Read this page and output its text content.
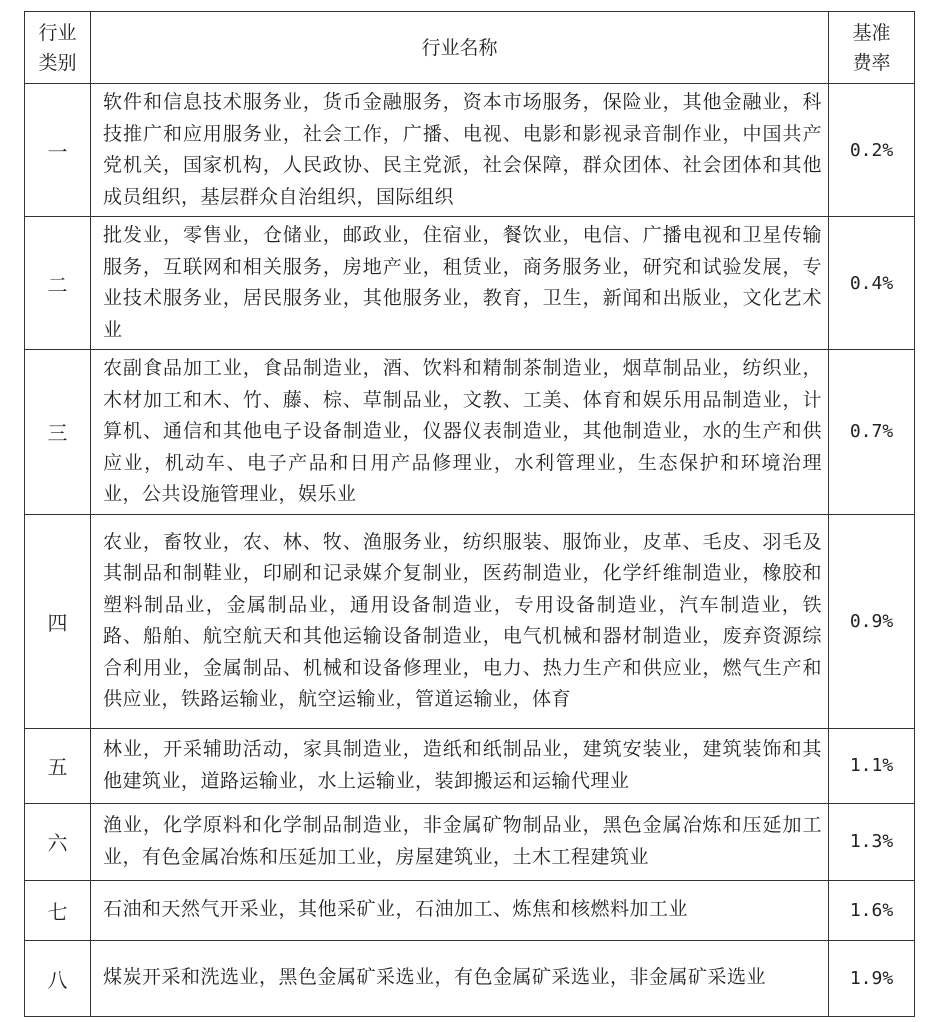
行业类别	行业名称	基准费率

一	软件和信息技术服务业，货币金融服务，资本市场服务，保险业，其他金融业，科技推广和应用服务业，社会工作，广播、电视、电影和影视录音制作业，中国共产党机关，国家机构，人民政协、民主党派，社会保障，群众团体、社会团体和其他成员组织，基层群众自治组织，国际组织	0.2%
二	批发业，零售业，仓储业，邮政业，住宿业，餐饮业，电信、广播电视和卫星传输服务，互联网和相关服务，房地产业，租赁业，商务服务业，研究和试验发展，专业技术服务业，居民服务业，其他服务业，教育，卫生，新闻和出版业，文化艺术业	0.4%
三	农副食品加工业，食品制造业，酒、饮料和精制茶制造业，烟草制品业，纺织业，木材加工和木、竹、藤、棕、草制品业，文教、工美、体育和娱乐用品制造业，计算机、通信和其他电子设备制造业，仪器仪表制造业，其他制造业，水的生产和供应业，机动车、电子产品和日用产品修理业，水利管理业，生态保护和环境治理业，公共设施管理业，娱乐业	0.7%
四	农业，畜牧业，农、林、牧、渔服务业，纺织服装、服饰业，皮革、毛皮、羽毛及其制品和制鞋业，印刷和记录媒介复制业，医药制造业，化学纤维制造业，橡胶和塑料制品业，金属制品业，通用设备制造业，专用设备制造业，汽车制造业，铁路、船舶、航空航天和其他运输设备制造业，电气机械和器材制造业，废弃资源综合利用业，金属制品、机械和设备修理业，电力、热力生产和供应业，燃气生产和供应业，铁路运输业，航空运输业，管道运输业，体育	0.9%
五	林业，开采辅助活动，家具制造业，造纸和纸制品业，建筑安装业，建筑装饰和其他建筑业，道路运输业，水上运输业，装卸搬运和运输代理业	1.1%
六	渔业，化学原料和化学制品制造业，非金属矿物制品业，黑色金属冶炼和压延加工业，有色金属冶炼和压延加工业，房屋建筑业，土木工程建筑业	1.3%
七	石油和天然气开采业，其他采矿业，石油加工、炼焦和核燃料加工业	1.6%
八	煤炭开采和洗选业，黑色金属矿采选业，有色金属矿采选业，非金属矿采选业	1.9%
